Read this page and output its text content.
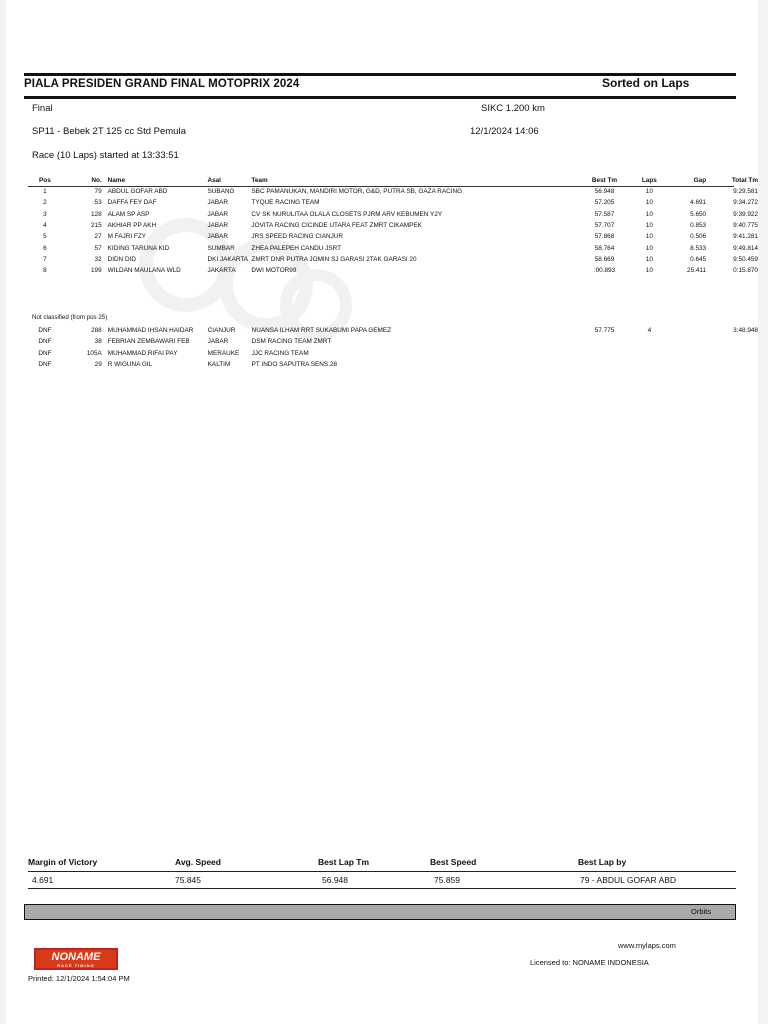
PIALA PRESIDEN GRAND FINAL MOTOPRIX 2024	Sorted on Laps
Final	SIKC 1.200 km
SP11 - Bebek 2T 125 cc Std Pemula	12/1/2024 14:06
Race (10 Laps) started at 13:33:51
Pos	No.	Name	Asal	Team	Best Tm	Laps	Gap	Total Tm
1	79	ABDUL GOFAR ABD	SUBANG	SBC PAMANUKAN, MANDIRI MOTOR, G&D, PUTRA SB, GAZA RACING	56.948	10		9:29.581
2	53	DAFFA FEY DAF	JABAR	TYQUE RACING TEAM	57.205	10	4.691	9:34.272
3	128	ALAM SP ASP	JABAR	CV SK NURULITAA OLALA CLOSETS PJRM ARV KEBUMEN Y2Y	57.587	10	5.650	9:39.922
4	215	AKHIAR PP AKH	JABAR	JOVITA RACING CICINDE UTARA FEAT ZMRT CIKAMPEK	57.707	10	0.853	9:40.775
5	27	M FAJRI FZY	JABAR	JRS SPEED RACING CIANJUR	57.868	10	0.506	9:41.281
6	57	KIDING TARUNA KID	SUMBAR	ZHEA PALEPEH CANDU JSRT	58.764	10	8.533	9:49.814
7	32	DIDN DID	DKI JAKARTA	ZMRT DNR PUTRA JOMIN SJ GARASI 2TAK GARASI 20	58.669	10	0.645	9:50.459
8	199	WILDAN MAULANA WLD	JAKARTA	DWI MOTOR99	:00.893	10	25.411	0:15.870
Not classified (from pos 25)
DNF	288	MUHAMMAD IHSAN HAIDAR	CIANJUR	NUANSA ILHAM RRT SUKABUMI PAPA GEMEZ	57.775	4		3:48.948
DNF	38	FEBRIAN ZEMBAWARI FEB	JABAR	DSM RACING TEAM ZMRT				
DNF	105A	MUHAMMAD RIFAI PAY	MERAUKE	JJC RACING TEAM				
DNF	29	R WIGUNA GIL	KALTIM	PT INDO SAPUTRA SENS.28				
Margin of Victory	Avg. Speed	Best Lap Tm	Best Speed	Best Lap by
4.691	75.845	56.948	75.859	79 - ABDUL GOFAR ABD
Orbits
NONAME
RACE TIMING
Printed: 12/1/2024 1:54:04 PM
www.mylaps.com
Licensed to: NONAME INDONESIA
